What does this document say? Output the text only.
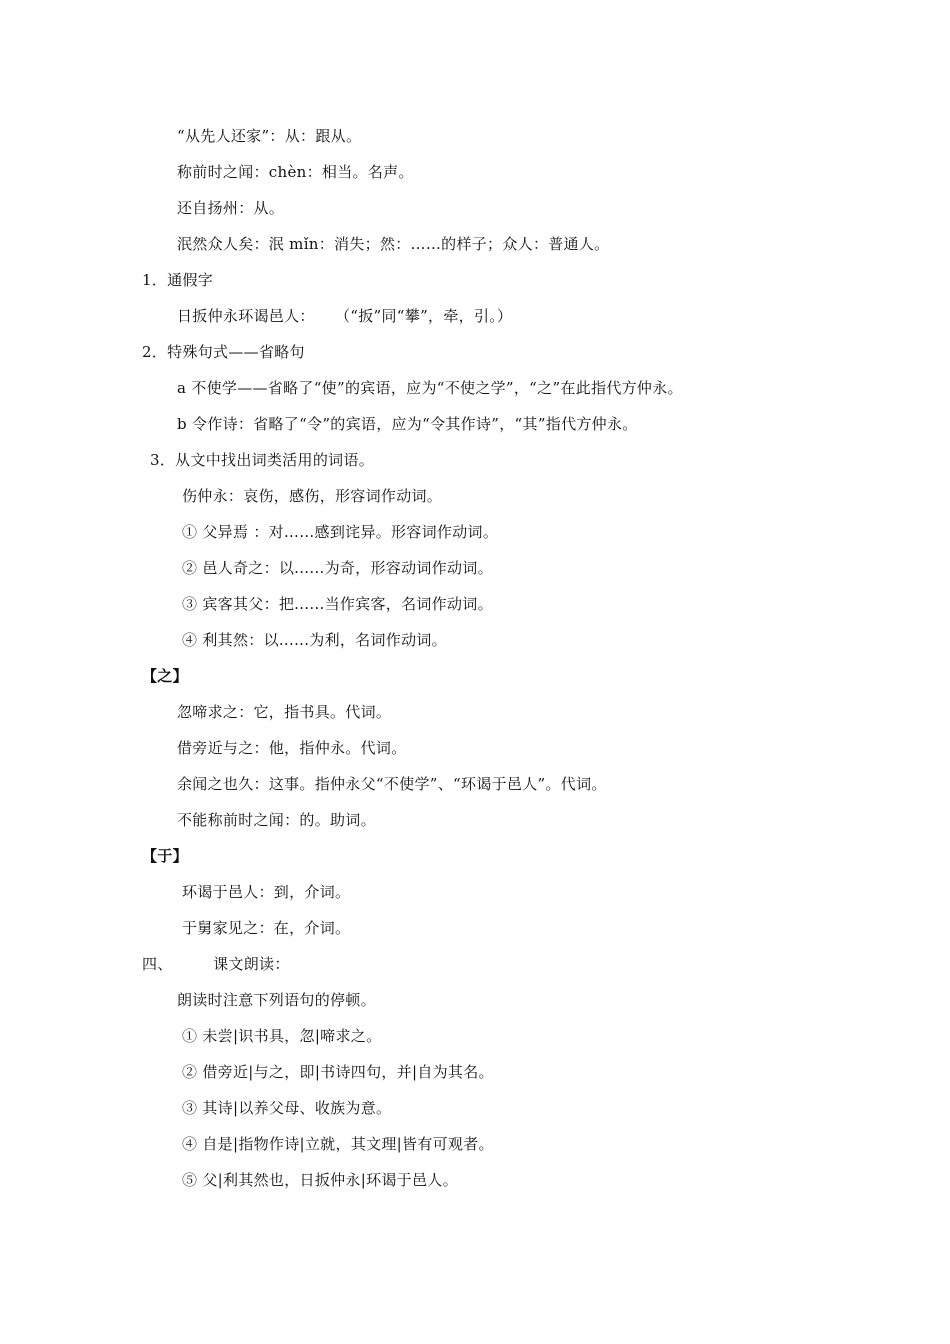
“从先人还家”：从：跟从。
称前时之闻：chèn：相当。名声。
还自扬州：从。
泯然众人矣：泯 mǐn：消失；然：……的样子；众人：普通人。
1．通假字
日扳仲永环谒邑人：    （“扳”同“攀”，牵，引。）
2．特殊句式——省略句
a 不使学——省略了“使”的宾语，应为“不使之学”，“之”在此指代方仲永。
b 令作诗：省略了“令”的宾语，应为“令其作诗”，“其”指代方仲永。
3．从文中找出词类活用的词语。
伤仲永：哀伤，感伤，形容词作动词。
① 父异焉 ：对……感到诧异。形容词作动词。
② 邑人奇之：以......为奇，形容动词作动词。
③ 宾客其父：把......当作宾客，名词作动词。
④ 利其然：以......为利，名词作动词。
【之】
忽啼求之：它，指书具。代词。
借旁近与之：他，指仲永。代词。
余闻之也久：这事。指仲永父“不使学”、“环谒于邑人”。代词。
不能称前时之闻：的。助词。
【于】
环谒于邑人：到，介词。
于舅家见之：在，介词。
四、        课文朗读：
朗读时注意下列语句的停顿。
① 未尝|识书具，忽|啼求之。
② 借旁近|与之，即|书诗四句，并|自为其名。
③ 其诗|以养父母、收族为意。
④ 自是|指物作诗|立就，其文理|皆有可观者。
⑤ 父|利其然也，日扳仲永|环谒于邑人。
